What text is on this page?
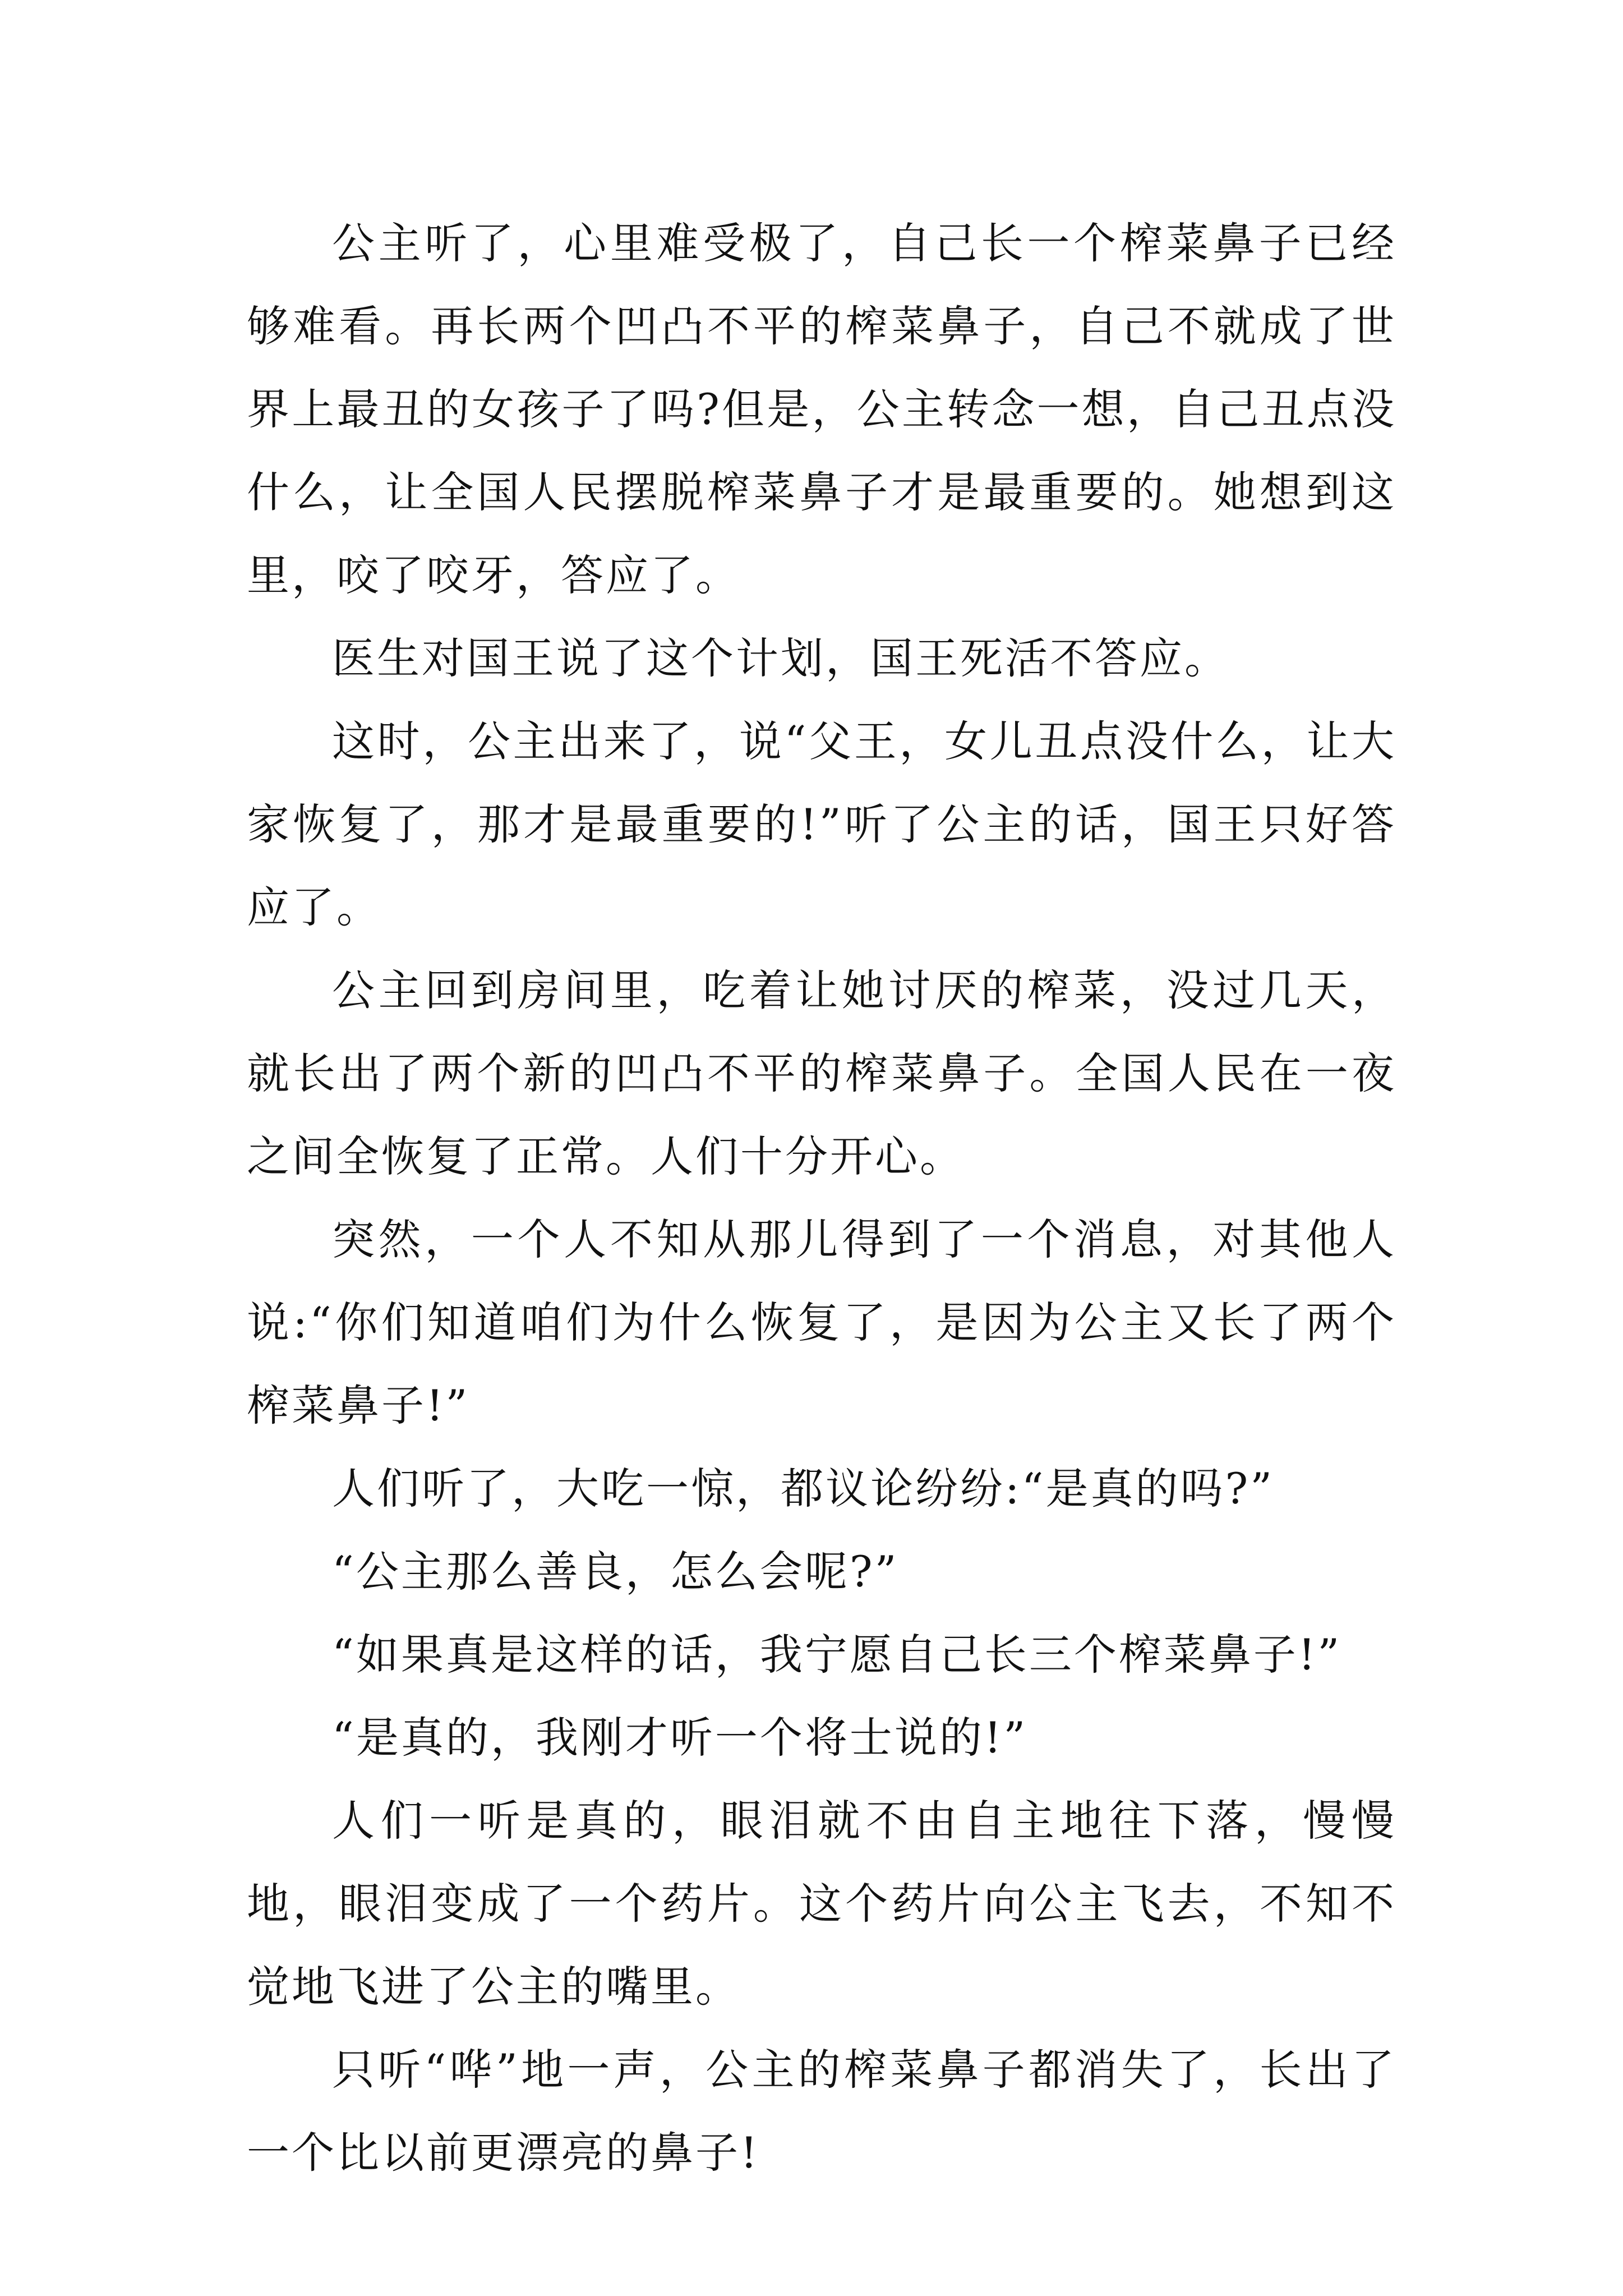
公主听了，心里难受极了，自己长一个榨菜鼻子已经够难看。再长两个凹凸不平的榨菜鼻子，自己不就成了世界上最丑的女孩子了吗?但是，公主转念一想，自己丑点没什么，让全国人民摆脱榨菜鼻子才是最重要的。她想到这里，咬了咬牙，答应了。

医生对国王说了这个计划，国王死活不答应。

这时，公主出来了，说“父王，女儿丑点没什么，让大家恢复了，那才是最重要的!”听了公主的话，国王只好答应了。

公主回到房间里，吃着让她讨厌的榨菜，没过几天，就长出了两个新的凹凸不平的榨菜鼻子。全国人民在一夜之间全恢复了正常。人们十分开心。

突然，一个人不知从那儿得到了一个消息，对其他人说:“你们知道咱们为什么恢复了，是因为公主又长了两个榨菜鼻子!”

人们听了，大吃一惊，都议论纷纷:“是真的吗?”

“公主那么善良，怎么会呢?”

“如果真是这样的话，我宁愿自己长三个榨菜鼻子!”

“是真的，我刚才听一个将士说的!”

人们一听是真的，眼泪就不由自主地往下落，慢慢地，眼泪变成了一个药片。这个药片向公主飞去，不知不觉地飞进了公主的嘴里。

只听“哗”地一声，公主的榨菜鼻子都消失了，长出了一个比以前更漂亮的鼻子!
